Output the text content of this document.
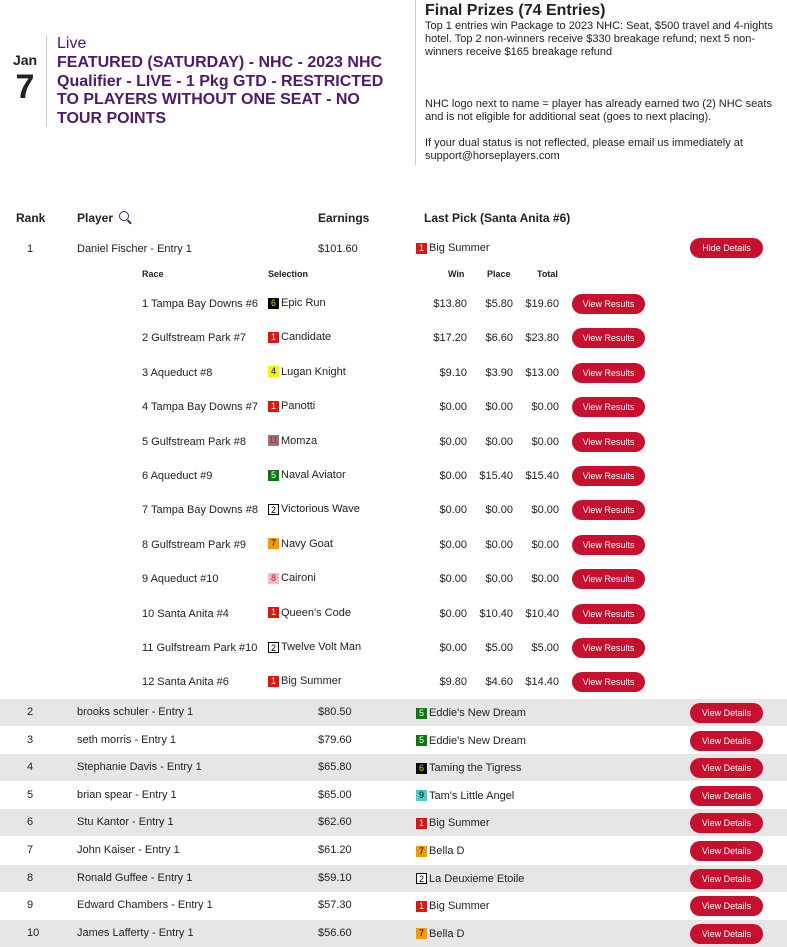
Jan
7
Live
FEATURED (SATURDAY) - NHC - 2023 NHC Qualifier - LIVE - 1 Pkg GTD - RESTRICTED TO PLAYERS WITHOUT ONE SEAT - NO TOUR POINTS
Final Prizes (74 Entries)

Top 1 entries win Package to 2023 NHC: Seat, $500 travel and 4-nights hotel. Top 2 non-winners receive $330 breakage refund; next 5 non-winners receive $165 breakage refund

NHC logo next to name = player has already earned two (2) NHC seats and is not eligible for additional seat (goes to next placing).

If your dual status is not reflected, please email us immediately at support@horseplayers.com

Rank	Player	Earnings	Last Pick (Santa Anita #6)
1	Daniel Fischer - Entry 1	$101.60	1 Big Summer	Hide Details
Race	Selection	Win	Place	Total
1 Tampa Bay Downs #6	6 Epic Run	$13.80	$5.80	$19.60	View Results
2 Gulfstream Park #7	1 Candidate	$17.20	$6.60	$23.80	View Results
3 Aqueduct #8	4 Lugan Knight	$9.10	$3.90	$13.00	View Results
4 Tampa Bay Downs #7	1 Panotti	$0.00	$0.00	$0.00	View Results
5 Gulfstream Park #8	11 Momza	$0.00	$0.00	$0.00	View Results
6 Aqueduct #9	5 Naval Aviator	$0.00	$15.40	$15.40	View Results
7 Tampa Bay Downs #8	2 Victorious Wave	$0.00	$0.00	$0.00	View Results
8 Gulfstream Park #9	7 Navy Goat	$0.00	$0.00	$0.00	View Results
9 Aqueduct #10	8 Caironi	$0.00	$0.00	$0.00	View Results
10 Santa Anita #4	1 Queen's Code	$0.00	$10.40	$10.40	View Results
11 Gulfstream Park #10	2 Twelve Volt Man	$0.00	$5.00	$5.00	View Results
12 Santa Anita #6	1 Big Summer	$9.80	$4.60	$14.40	View Results
2	brooks schuler - Entry 1	$80.50	5 Eddie's New Dream	View Details
3	seth morris - Entry 1	$79.60	5 Eddie's New Dream	View Details
4	Stephanie Davis - Entry 1	$65.80	6 Taming the Tigress	View Details
5	brian spear - Entry 1	$65.00	9 Tam's Little Angel	View Details
6	Stu Kantor - Entry 1	$62.60	1 Big Summer	View Details
7	John Kaiser - Entry 1	$61.20	7 Bella D	View Details
8	Ronald Guffee - Entry 1	$59.10	2 La Deuxieme Etoile	View Details
9	Edward Chambers - Entry 1	$57.30	1 Big Summer	View Details
10	James Lafferty - Entry 1	$56.60	7 Bella D	View Details
